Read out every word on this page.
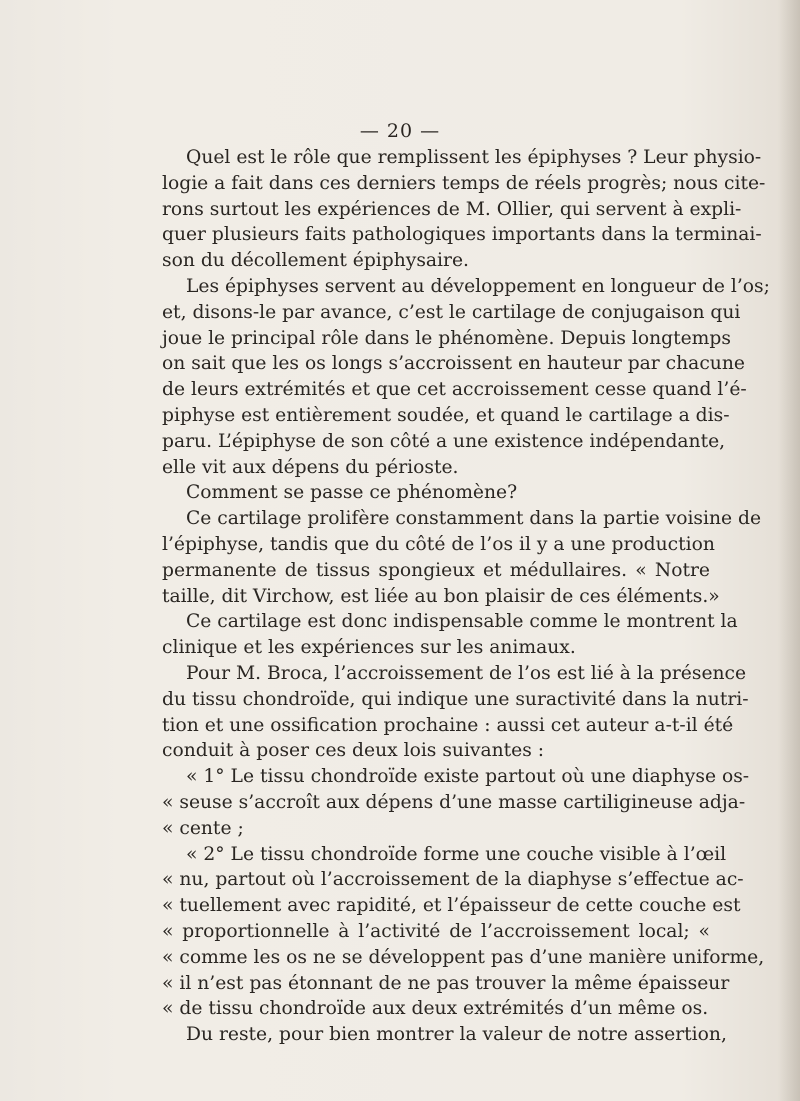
— 20 —
Quel est le rôle que remplissent les épiphyses ? Leur physio-
logie a fait dans ces derniers temps de réels progrès; nous cite-
rons surtout les expériences de M. Ollier, qui servent à expli-
quer plusieurs faits pathologiques importants dans la terminai-
son du décollement épiphysaire.
Les épiphyses servent au développement en longueur de l’os;
et, disons-le par avance, c’est le cartilage de conjugaison qui
joue le principal rôle dans le phénomène. Depuis longtemps
on sait que les os longs s’accroissent en hauteur par chacune
de leurs extrémités et que cet accroissement cesse quand l’é-
piphyse est entièrement soudée, et quand le cartilage a dis-
paru. L’épiphyse de son côté a une existence indépendante,
elle vit aux dépens du périoste.
Comment se passe ce phénomène?
Ce cartilage prolifère constamment dans la partie voisine de
l’épiphyse, tandis que du côté de l’os il y a une production
permanente de tissus spongieux et médullaires. « Notre
taille, dit Virchow, est liée au bon plaisir de ces éléments.»
Ce cartilage est donc indispensable comme le montrent la
clinique et les expériences sur les animaux.
Pour M. Broca, l’accroissement de l’os est lié à la présence
du tissu chondroïde, qui indique une suractivité dans la nutri-
tion et une ossification prochaine : aussi cet auteur a-t-il été
conduit à poser ces deux lois suivantes :
« 1° Le tissu chondroïde existe partout où une diaphyse os-
« seuse s’accroît aux dépens d’une masse cartiligineuse adja-
« cente ;
« 2° Le tissu chondroïde forme une couche visible à l’œil
« nu, partout où l’accroissement de la diaphyse s’effectue ac-
« tuellement avec rapidité, et l’épaisseur de cette couche est
« proportionnelle à l’activité de l’accroissement local; «
« comme les os ne se développent pas d’une manière uniforme,
« il n’est pas étonnant de ne pas trouver la même épaisseur
« de tissu chondroïde aux deux extrémités d’un même os.
Du reste, pour bien montrer la valeur de notre assertion,
